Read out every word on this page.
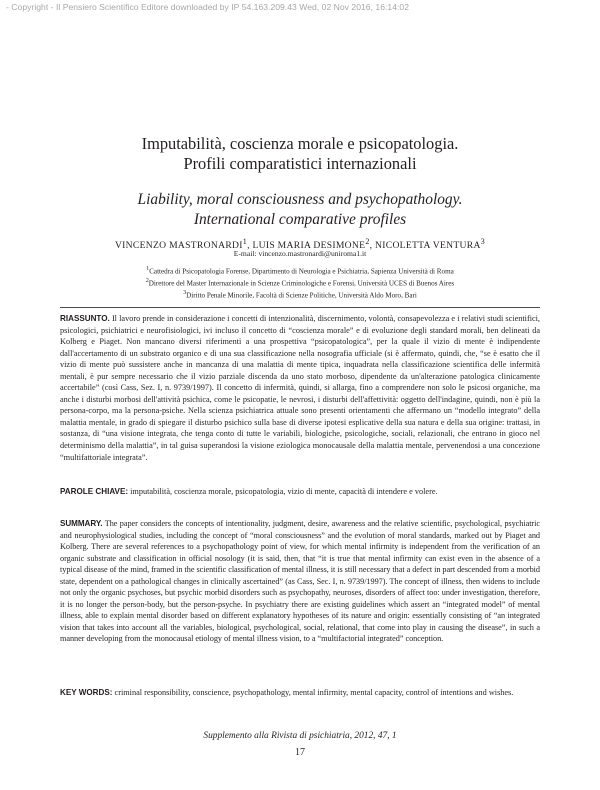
- Copyright - Il Pensiero Scientifico Editore downloaded by IP 54.163.209.43 Wed, 02 Nov 2016, 16:14:02
Imputabilità, coscienza morale e psicopatologia.
Profili comparatistici internazionali
Liability, moral consciousness and psychopathology.
International comparative profiles
VINCENZO MASTRONARDI$^1$, LUIS MARIA DESIMONE$^2$, NICOLETTA VENTURA$^3$
E-mail: vincenzo.mastronardi@uniroma1.it
$^1$Cattedra di Psicopatologia Forense, Dipartimento di Neurologia e Psichiatria, Sapienza Università di Roma
$^2$Direttore del Master Internazionale in Scienze Criminologiche e Forensi, Università UCES di Buenos Aires
$^3$Diritto Penale Minorile, Facoltà di Scienze Politiche, Università Aldo Moro, Bari

RIASSUNTO. Il lavoro prende in considerazione i concetti di intenzionalità, discernimento, volontà, consapevolezza e i relativi studi scientifici, psicologici, psichiatrici e neurofisiologici, ivi incluso il concetto di “coscienza morale” e di evoluzione degli standard morali, ben delineati da Kolberg e Piaget. Non mancano diversi riferimenti a una prospettiva “psicopatologica”, per la quale il vizio di mente è indipendente dall'accertamento di un substrato organico e di una sua classificazione nella nosografia ufficiale (si è affermato, quindi, che, “se è esatto che il vizio di mente può sussistere anche in mancanza di una malattia di mente tipica, inquadrata nella classificazione scientifica delle infermità mentali, è pur sempre necessario che il vizio parziale discenda da uno stato morboso, dipendente da un'alterazione patologica clinicamente accertabile” (così Cass, Sez. I, n. 9739/1997). Il concetto di infermità, quindi, si allarga, fino a comprendere non solo le psicosi organiche, ma anche i disturbi morbosi dell'attività psichica, come le psicopatie, le nevrosi, i disturbi dell'affettività: oggetto dell'indagine, quindi, non è più la persona-corpo, ma la persona-psiche. Nella scienza psichiatrica attuale sono presenti orientamenti che affermano un “modello integrato” della malattia mentale, in grado di spiegare il disturbo psichico sulla base di diverse ipotesi esplicative della sua natura e della sua origine: trattasi, in sostanza, di “una visione integrata, che tenga conto di tutte le variabili, biologiche, psicologiche, sociali, relazionali, che entrano in gioco nel determinismo della malattia”, in tal guisa superandosi la visione eziologica monocausale della malattia mentale, pervenendosi a una concezione “multifattoriale integrata”.

PAROLE CHIAVE: imputabilità, coscienza morale, psicopatologia, vizio di mente, capacità di intendere e volere.

SUMMARY. The paper considers the concepts of intentionality, judgment, desire, awareness and the relative scientific, psychological, psychiatric and neurophysiological studies, including the concept of “moral consciousness” and the evolution of moral standards, marked out by Piaget and Kolberg. There are several references to a psychopathology point of view, for which mental infirmity is independent from the verification of an organic substrate and classification in official nosology (it is said, then, that “it is true that mental infirmity can exist even in the absence of a typical disease of the mind, framed in the scientific classification of mental illness, it is still necessary that a defect in part descended from a morbid state, dependent on a pathological changes in clinically ascertained” (as Cass, Sec. I, n. 9739/1997). The concept of illness, then widens to include not only the organic psychoses, but psychic morbid disorders such as psychopathy, neuroses, disorders of affect too: under investigation, therefore, it is no longer the person-body, but the person-psyche. In psychiatry there are existing guidelines which assert an “integrated model” of mental illness, able to explain mental disorder based on different explanatory hypotheses of its nature and origin: essentially consisting of “an integrated vision that takes into account all the variables, biological, psychological, social, relational, that come into play in causing the disease”, in such a manner developing from the monocausal etiology of mental illness vision, to a “multifactorial integrated” conception.

KEY WORDS: criminal responsibility, conscience, psychopathology, mental infirmity, mental capacity, control of intentions and wishes.

Supplemento alla Rivista di psichiatria, 2012, 47, 1
17
